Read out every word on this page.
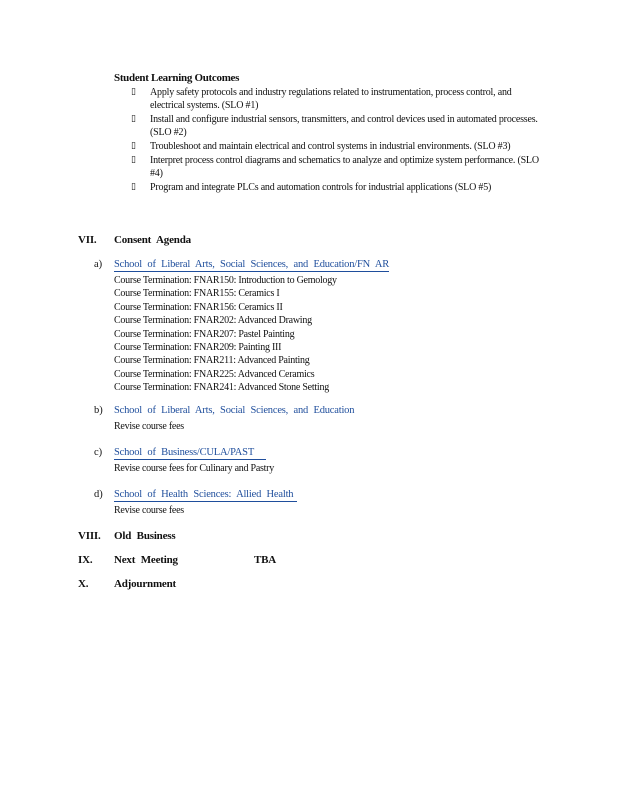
Student Learning Outcomes
▯ Apply safety protocols and industry regulations related to instrumentation, process control, and electrical systems. (SLO #1)
▯ Install and configure industrial sensors, transmitters, and control devices used in automated processes. (SLO #2)
▯ Troubleshoot and maintain electrical and control systems in industrial environments. (SLO #3)
▯ Interpret process control diagrams and schematics to analyze and optimize system performance. (SLO #4)
▯ Program and integrate PLCs and automation controls for industrial applications (SLO #5)
VII. Consent Agenda
a) School of Liberal Arts, Social Sciences, and Education/FN AR
Course Termination: FNAR150: Introduction to Gemology
Course Termination: FNAR155: Ceramics I
Course Termination: FNAR156: Ceramics II
Course Termination: FNAR202: Advanced Drawing
Course Termination: FNAR207: Pastel Painting
Course Termination: FNAR209: Painting III
Course Termination: FNAR211: Advanced Painting
Course Termination: FNAR225: Advanced Ceramics
Course Termination: FNAR241: Advanced Stone Setting
b) School of Liberal Arts, Social Sciences, and Education
Revise course fees
c) School of Business/CULA/PAST
Revise course fees for Culinary and Pastry
d) School of Health Sciences: Allied Health
Revise course fees
VIII. Old Business
IX. Next Meeting	TBA
X. Adjournment
